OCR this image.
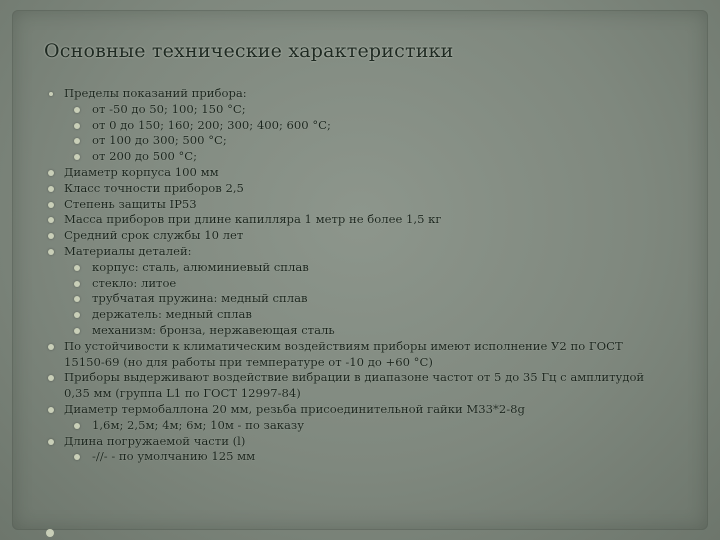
Основные технические характеристики
Пределы показаний прибора:
от -50 до 50; 100; 150 °С;
от 0 до 150; 160; 200; 300; 400; 600 °С;
от 100 до 300; 500 °С;
от 200 до 500 °С;
Диаметр корпуса 100 мм
Класс точности приборов 2,5
Степень защиты IP53
Масса приборов при длине капилляра 1 метр не более 1,5 кг
Средний срок службы 10 лет
Материалы деталей:
корпус: сталь, алюминиевый сплав
стекло: литое
трубчатая пружина: медный сплав
держатель: медный сплав
механизм: бронза, нержавеющая сталь
По устойчивости к климатическим воздействиям приборы имеют исполнение У2 по ГОСТ
15150-69 (но для работы при температуре от -10 до +60 °С)
Приборы выдерживают воздействие вибрации в диапазоне частот от 5 до 35 Гц с амплитудой
0,35 мм (группа L1 по ГОСТ 12997-84)
Диаметр термобаллона 20 мм, резьба присоединительной гайки М33*2-8g
1,6м; 2,5м; 4м; 6м; 10м - по заказу
Длина погружаемой части (l)
-//- - по умолчанию 125 мм
